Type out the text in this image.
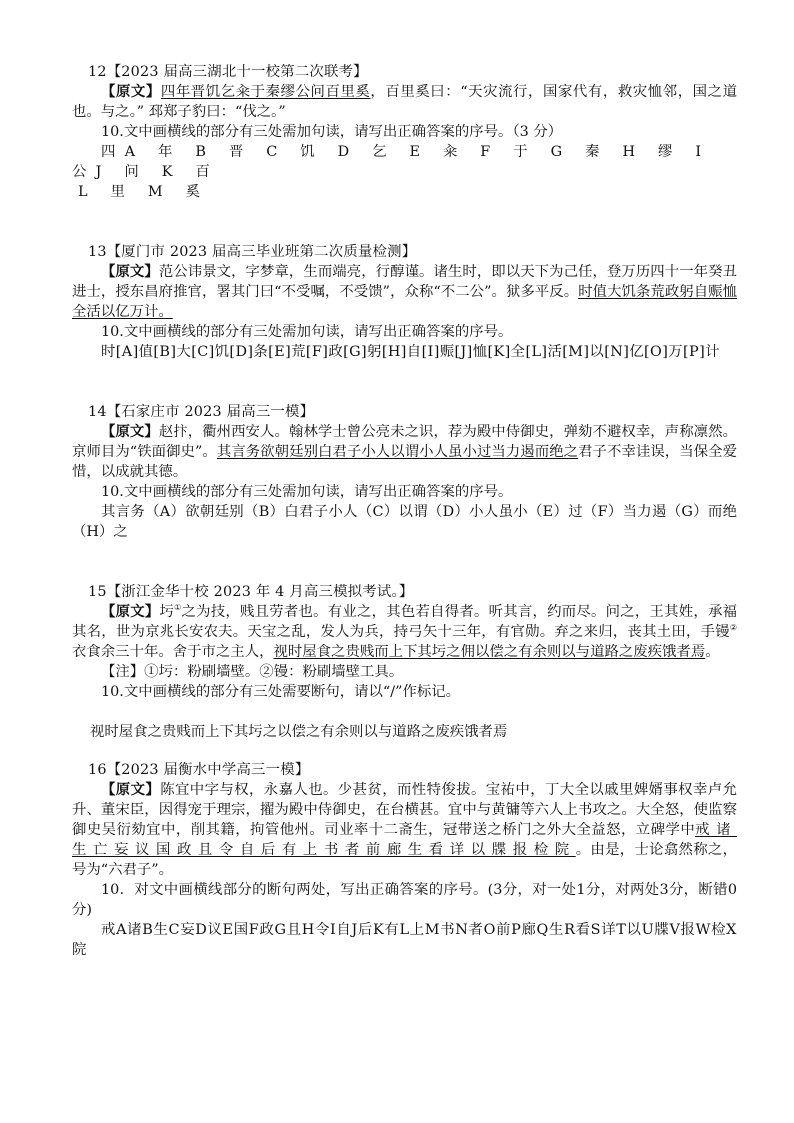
12【2023 届高三湖北十一校第二次联考】

【原文】四年晋饥乞籴于秦缪公问百里奚，百里奚曰：“天灾流行，国家代有，救灾恤邻，国之道也。与之。” 邳郑子豹曰：“伐之。”

10.文中画横线的部分有三处需加句读，请写出正确答案的序号。（3 分）

四A 年 B 晋 C 饥 D 乞 E 籴 F 于 G 秦 H 缪 I 公J 问 K 百

L 里 M 奚

13【厦门市 2023 届高三毕业班第二次质量检测】

【原文】范公讳景文，字梦章，生而端亮，行醇谨。诸生时，即以天下为己任，登万历四十一年癸丑进士，授东昌府推官，署其门曰“不受嘱，不受馈”，众称“不二公”。狱多平反。时值大饥条荒政躬自赈恤全活以亿万计。

10.文中画横线的部分有三处需加句读，请写出正确答案的序号。

时[A]值[B]大[C]饥[D]条[E]荒[F]政[G]躬[H]自[I]赈[J]恤[K]全[L]活[M]以[N]亿[O]万[P]计

14【石家庄市 2023 届高三一模】

【原文】赵抃，衢州西安人。翰林学士曾公亮未之识，荐为殿中侍御史，弹劾不避权幸，声称凛然。京师目为“铁面御史”。其言务欲朝廷别白君子小人以谓小人虽小过当力遏而绝之君子不幸诖误，当保全爱惜，以成就其德。

10.文中画横线的部分有三处需加句读，请写出正确答案的序号。

其言务（A）欲朝廷别（B）白君子小人（C）以谓（D）小人虽小（E）过（F）当力遏（G）而绝（H）之

15【浙江金华十校 2023 年 4 月高三模拟考试。】

【原文】圬①之为技，贱且劳者也。有业之，其色若自得者。听其言，约而尽。问之，王其姓，承福其名，世为京兆长安农夫。天宝之乱，发人为兵，持弓矢十三年，有官勋。弃之来归，丧其土田，手镘②衣食余三十年。舍于市之主人，视时屋食之贵贱而上下其圬之佣以偿之有余则以与道路之废疾饿者焉。

【注】①圬：粉刷墙壁。②镘：粉刷墙壁工具。

10.文中画横线的部分有三处需要断句，请以“/”作标记。

视时屋食之贵贱而上下其圬之以偿之有余则以与道路之废疾饿者焉

16【2023 届衡水中学高三一模】

【原文】陈宜中字与权，永嘉人也。少甚贫，而性特俊拔。宝祐中，丁大全以戚里婢婿事权幸卢允升、董宋臣，因得宠于理宗，擢为殿中侍御史，在台横甚。宜中与黄镛等六人上书攻之。大全怒，使监察御史吴衍劾宜中，削其籍，拘管他州。司业率十二斋生，冠带送之桥门之外大全益怒，立碑学中戒诸生亡妄议国政且令自后有上书者前廊生看详以牒报检院。由是，士论翕然称之，号为“六君子”。

10．对文中画横线部分的断句两处，写出正确答案的序号。(3分，对一处1分，对两处3分，断错0分)

戒A诸B生C妄D议E国F政G且H令I自J后K有L上M书N者O前P廊Q生R看S详T以U牒V报W检X院
